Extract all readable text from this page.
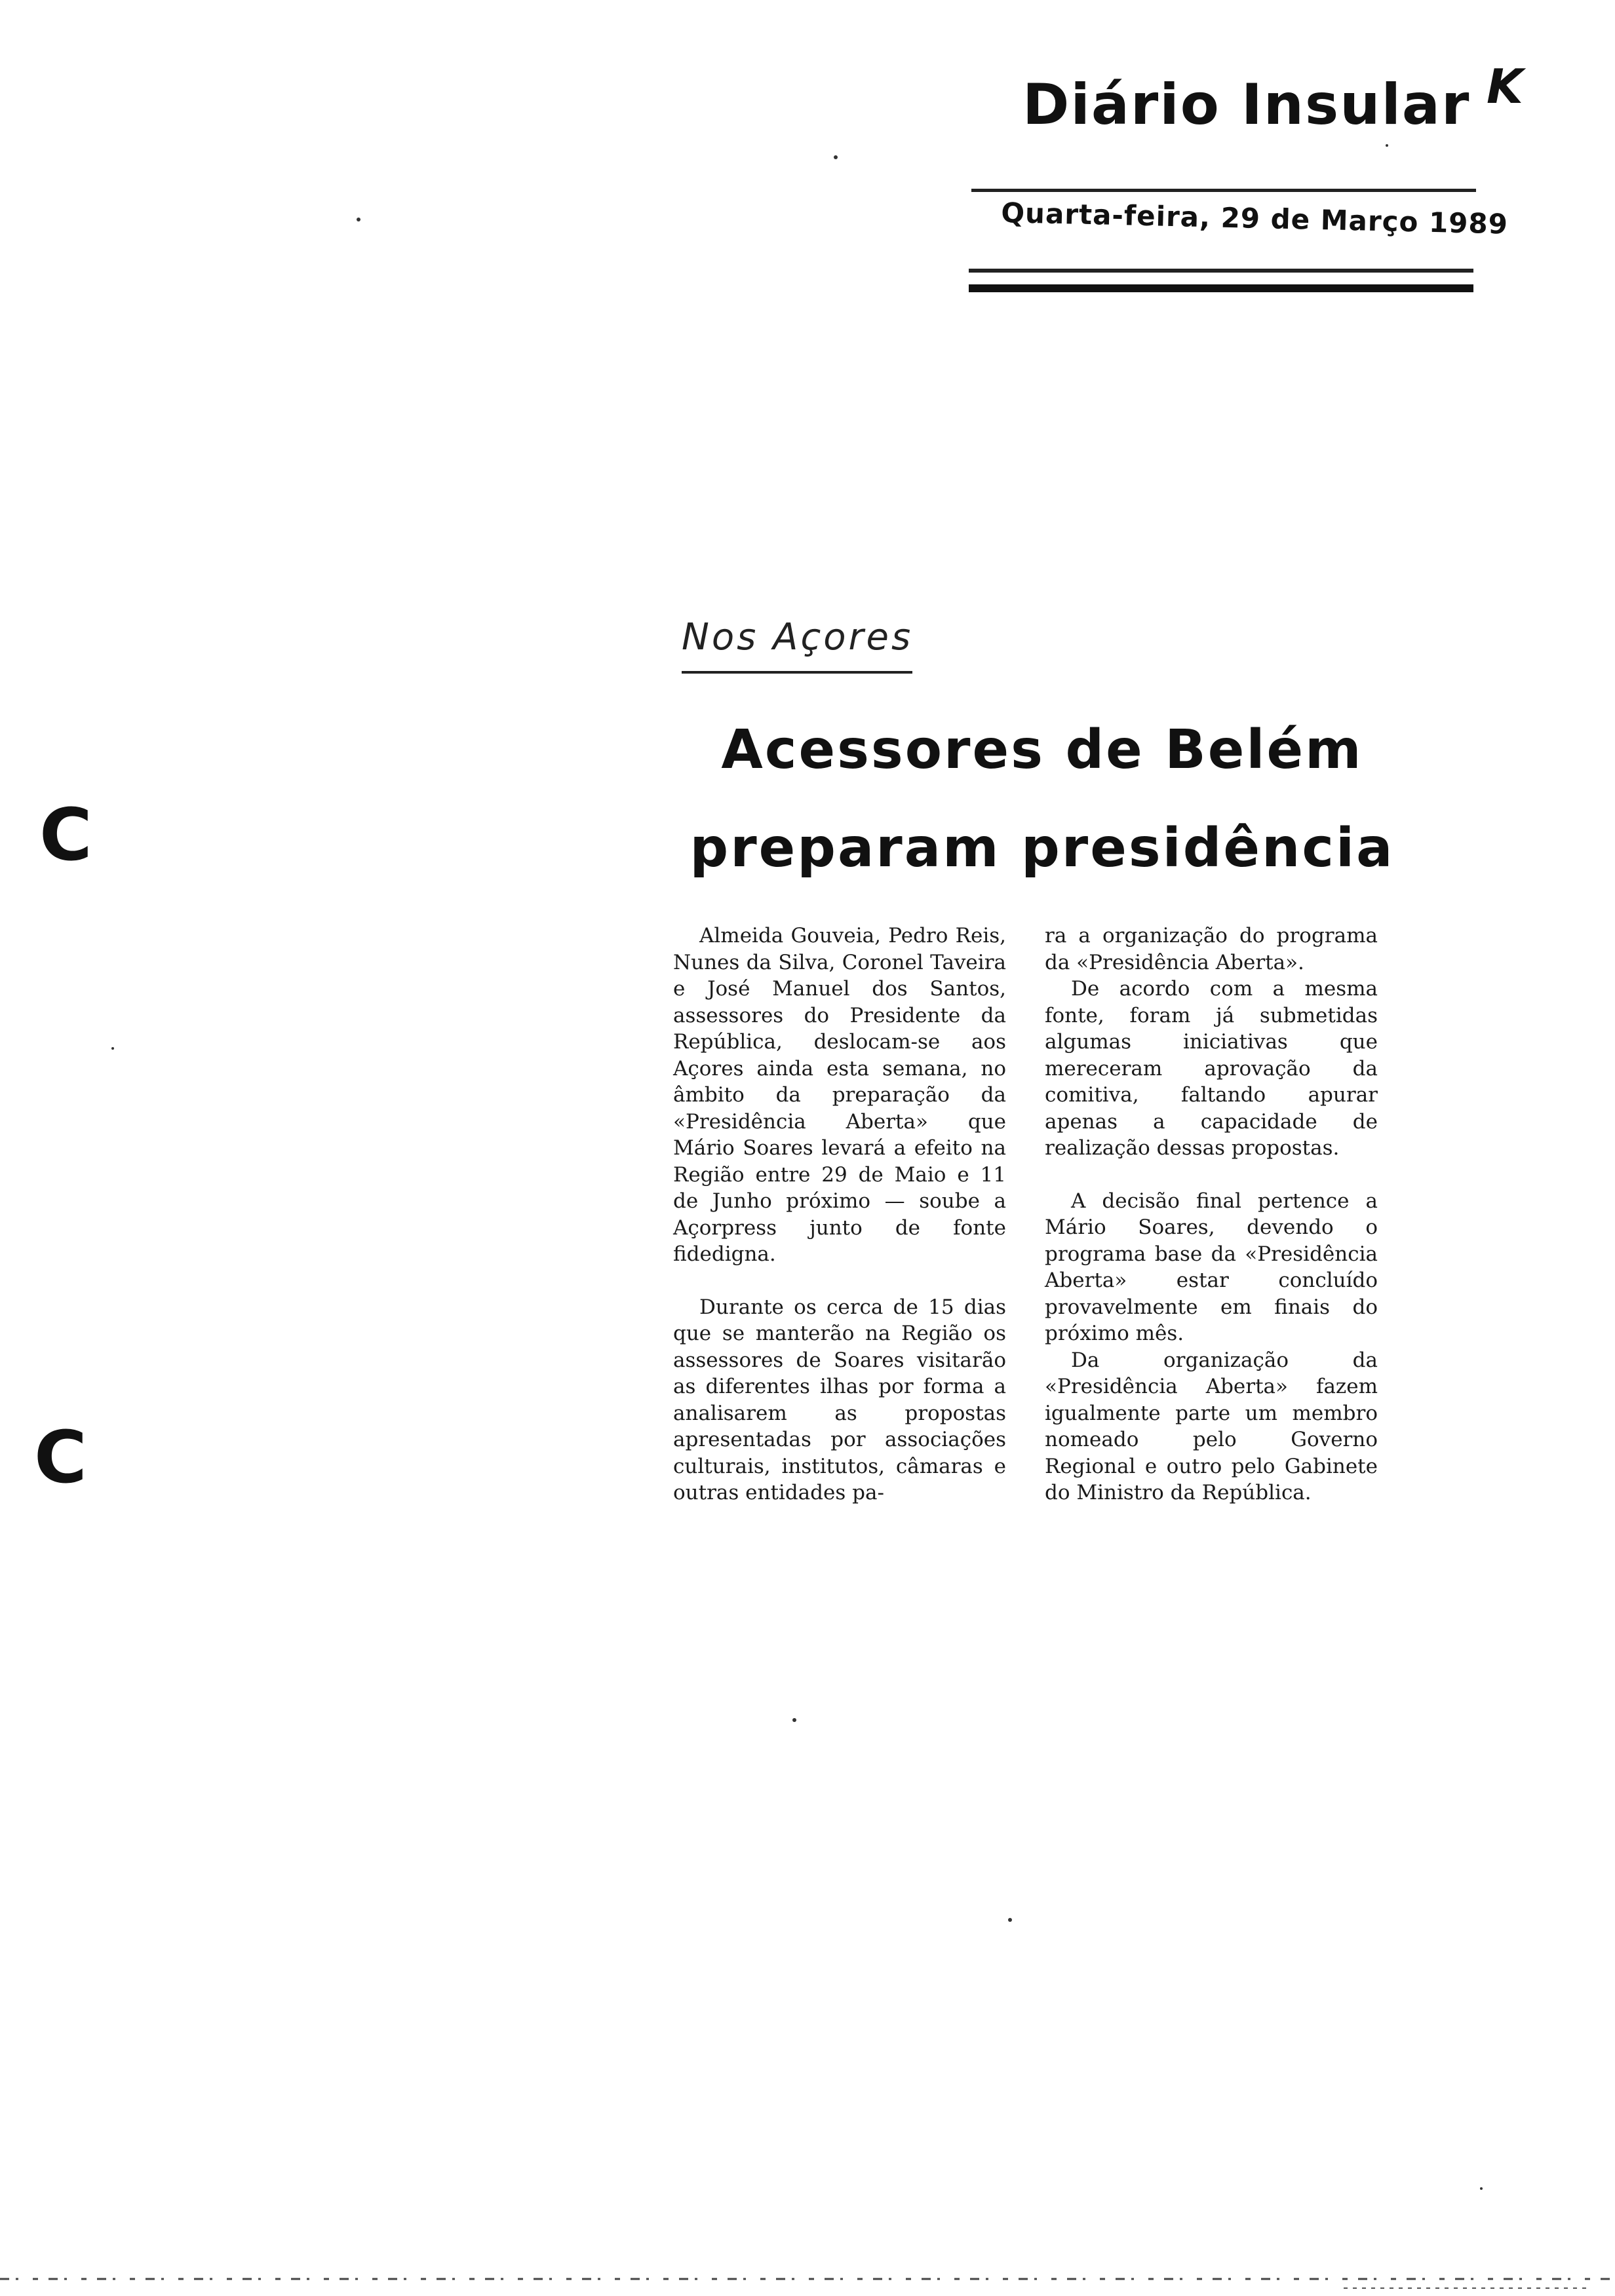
Diário Insular K
Quarta-feira, 29 de Março 1989
Nos Açores
Acessores de Belém
preparam presidência

Almeida Gouveia, Pedro Reis, Nunes da Silva, Coronel Taveira e José Manuel dos Santos, assessores do Presidente da República, deslocam-se aos Açores ainda esta semana, no âmbito da preparação da «Presidência Aberta» que Mário Soares levará a efeito na Região entre 29 de Maio e 11 de Junho próximo — soube a Açorpress junto de fonte fidedigna.

Durante os cerca de 15 dias que se manterão na Região os assessores de Soares visitarão as diferentes ilhas por forma a analisarem as propostas apresentadas por associações culturais, institutos, câmaras e outras entidades pa-

ra a organização do programa da «Presidência Aberta».

De acordo com a mesma fonte, foram já submetidas algumas iniciativas que mereceram aprovação da comitiva, faltando apurar apenas a capacidade de realização dessas propostas.

A decisão final pertence a Mário Soares, devendo o programa base da «Presidência Aberta» estar concluído provavelmente em finais do próximo mês.

Da organização da «Presidência Aberta» fazem igualmente parte um membro nomeado pelo Governo Regional e outro pelo Gabinete do Ministro da República.

C
C
